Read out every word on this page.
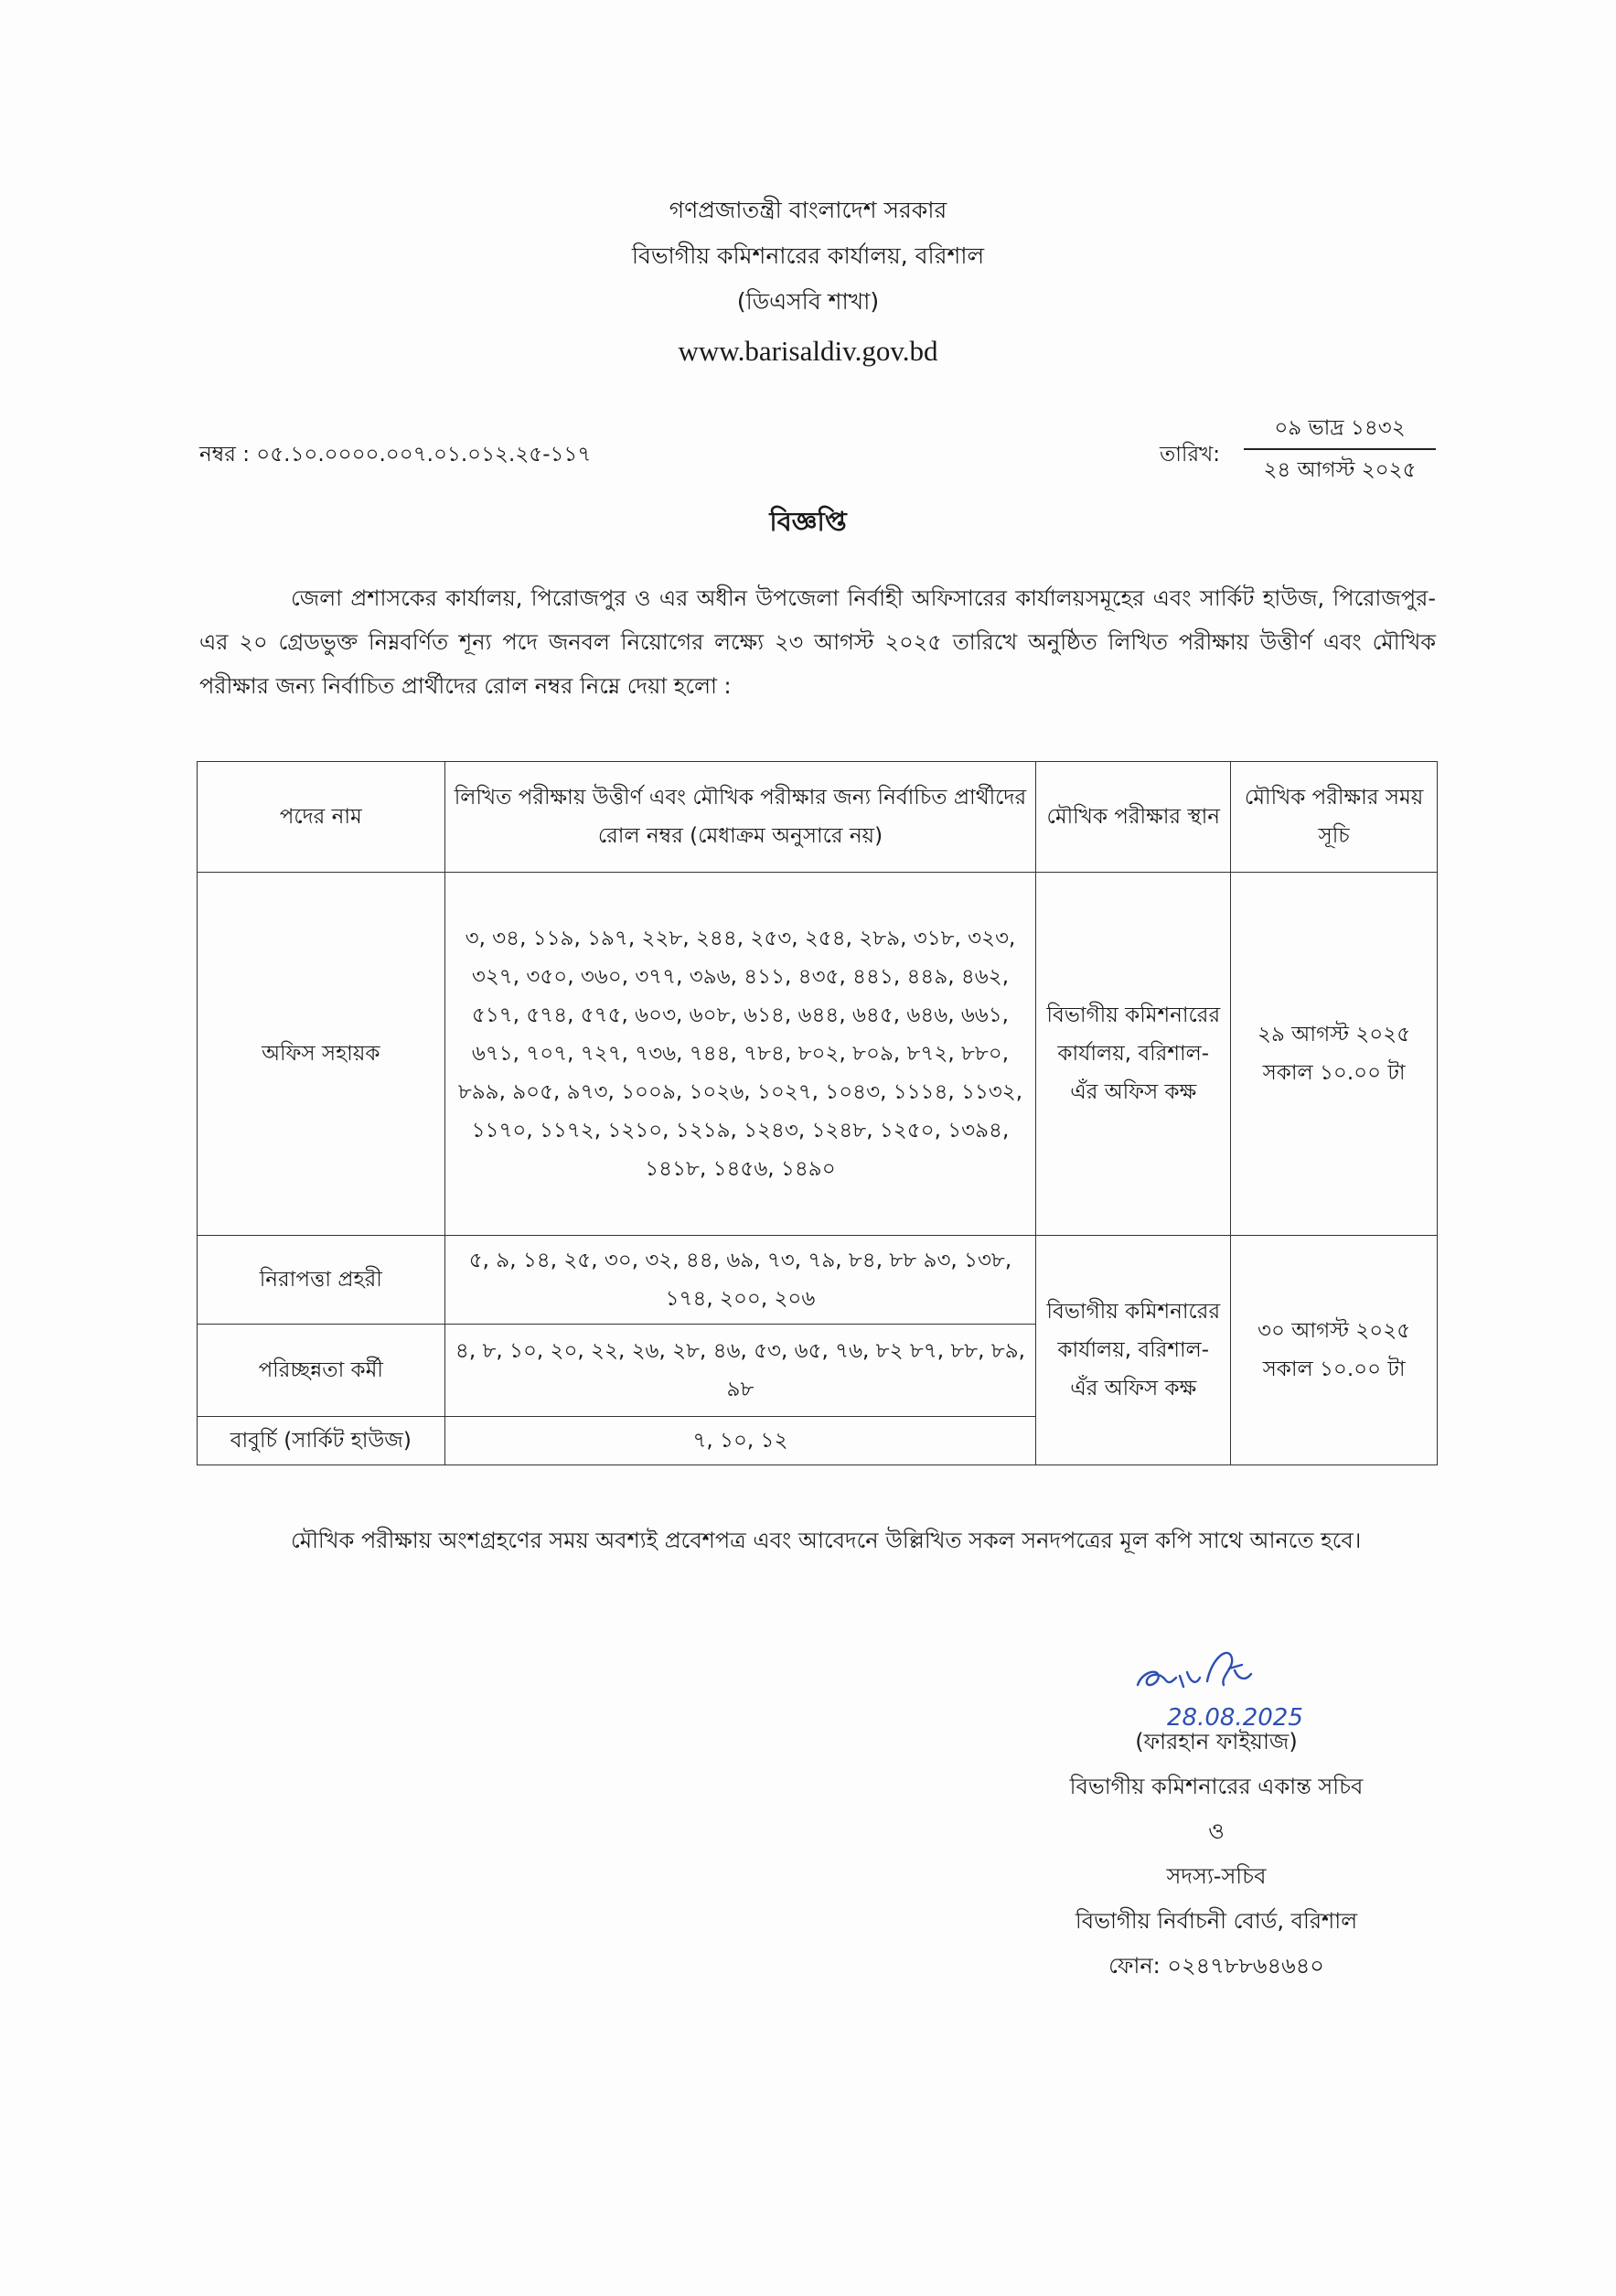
গণপ্রজাতন্ত্রী বাংলাদেশ সরকার
বিভাগীয় কমিশনারের কার্যালয়, বরিশাল
(ডিএসবি শাখা)
www.barisaldiv.gov.bd
নম্বর : ০৫.১০.০০০০.০০৭.০১.০১২.২৫-১১৭	তারিখ:
০৯ ভাদ্র ১৪৩২
২৪ আগস্ট ২০২৫
বিজ্ঞপ্তি

জেলা প্রশাসকের কার্যালয়, পিরোজপুর ও এর অধীন উপজেলা নির্বাহী অফিসারের কার্যালয়সমূহের এবং সার্কিট হাউজ, পিরোজপুর-এর ২০ গ্রেডভুক্ত নিম্নবর্ণিত শূন্য পদে জনবল নিয়োগের লক্ষ্যে ২৩ আগস্ট ২০২৫ তারিখে অনুষ্ঠিত লিখিত পরীক্ষায় উত্তীর্ণ এবং মৌখিক পরীক্ষার জন্য নির্বাচিত প্রার্থীদের রোল নম্বর নিম্নে দেয়া হলো :

পদের নাম	লিখিত পরীক্ষায় উত্তীর্ণ এবং মৌখিক পরীক্ষার জন্য নির্বাচিত প্রার্থীদের রোল নম্বর (মেধাক্রম অনুসারে নয়)	মৌখিক পরীক্ষার স্থান	মৌখিক পরীক্ষার সময় সূচি
অফিস সহায়ক	৩, ৩৪, ১১৯, ১৯৭, ২২৮, ২৪৪, ২৫৩, ২৫৪, ২৮৯, ৩১৮, ৩২৩, ৩২৭, ৩৫০, ৩৬০, ৩৭৭, ৩৯৬, ৪১১, ৪৩৫, ৪৪১, ৪৪৯, ৪৬২, ৫১৭, ৫৭৪, ৫৭৫, ৬০৩, ৬০৮, ৬১৪, ৬৪৪, ৬৪৫, ৬৪৬, ৬৬১, ৬৭১, ৭০৭, ৭২৭, ৭৩৬, ৭৪৪, ৭৮৪, ৮০২, ৮০৯, ৮৭২, ৮৮০, ৮৯৯, ৯০৫, ৯৭৩, ১০০৯, ১০২৬, ১০২৭, ১০৪৩, ১১১৪, ১১৩২, ১১৭০, ১১৭২, ১২১০, ১২১৯, ১২৪৩, ১২৪৮, ১২৫০, ১৩৯৪, ১৪১৮, ১৪৫৬, ১৪৯০	বিভাগীয় কমিশনারের কার্যালয়, বরিশাল-এঁর অফিস কক্ষ	২৯ আগস্ট ২০২৫ সকাল ১০.০০ টা
নিরাপত্তা প্রহরী	৫, ৯, ১৪, ২৫, ৩০, ৩২, ৪৪, ৬৯, ৭৩, ৭৯, ৮৪, ৮৮ ৯৩, ১৩৮, ১৭৪, ২০০, ২০৬	বিভাগীয় কমিশনারের কার্যালয়, বরিশাল-এঁর অফিস কক্ষ	৩০ আগস্ট ২০২৫ সকাল ১০.০০ টা
পরিচ্ছন্নতা কর্মী	৪, ৮, ১০, ২০, ২২, ২৬, ২৮, ৪৬, ৫৩, ৬৫, ৭৬, ৮২ ৮৭, ৮৮, ৮৯, ৯৮		
বাবুর্চি (সার্কিট হাউজ)	৭, ১০, ১২		

মৌখিক পরীক্ষায় অংশগ্রহণের সময় অবশ্যই প্রবেশপত্র এবং আবেদনে উল্লিখিত সকল সনদপত্রের মূল কপি সাথে আনতে হবে।

28.08.2025
(ফারহান ফাইয়াজ)
বিভাগীয় কমিশনারের একান্ত সচিব
ও
সদস্য-সচিব
বিভাগীয় নির্বাচনী বোর্ড, বরিশাল
ফোন: ০২৪৭৮৮৬৪৬৪০
